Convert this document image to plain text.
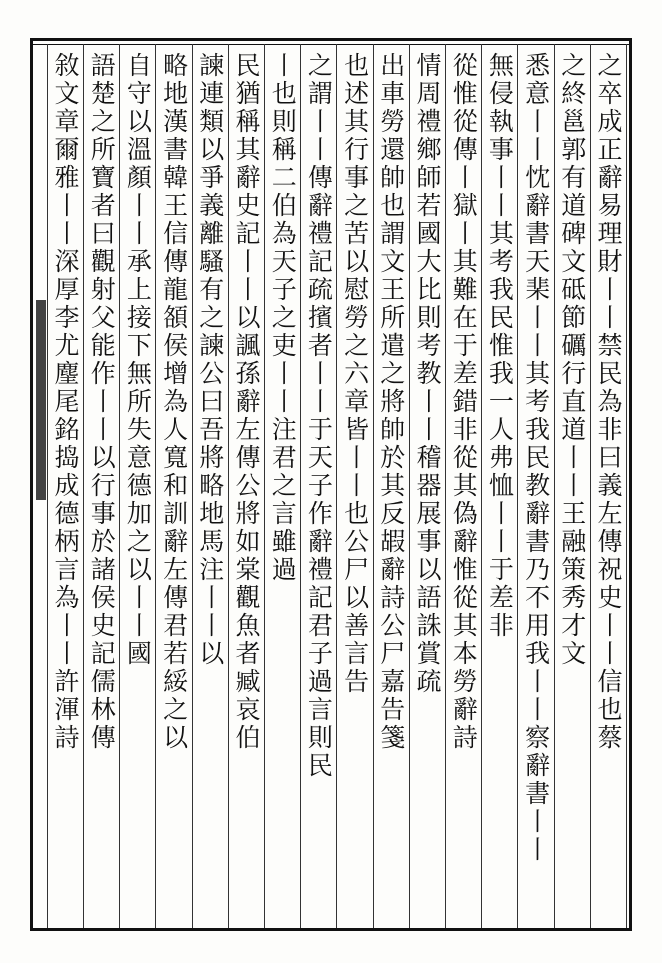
之卒成正辭易理財丨丨禁民為非曰義左傳祝史丨丨信也蔡
之終邕郭有道碑文砥節礪行直道丨丨王融策秀才文
悉意丨丨忱辭書天棐丨丨其考我民教辭書乃不用我丨丨察辭書丨丨
無侵執事丨丨其考我民惟我一人弗恤丨丨于差非
從惟從傳丨獄丨其難在于差錯非從其偽辭惟從其本勞辭詩
情周禮鄉師若國大比則考教丨丨稽器展事以語誅賞疏
出車勞還帥也謂文王所遣之將帥於其反嘏辭詩公尸嘉告箋
也述其行事之苦以慰勞之六章皆丨丨也公尸以善言告
之謂丨丨傳辭禮記疏擯者丨丨于天子作辭禮記君子過言則民
丨也則稱二伯為天子之吏丨丨注君之言雖過
民猶稱其辭史記丨丨以諷孫辭左傳公將如棠觀魚者臧哀伯
諫連類以爭義離騷有之諫公曰吾將略地馬注丨丨以
略地漢書韓王信傳龍頟侯增為人寬和訓辭左傳君若綏之以
自守以溫顏丨丨承上接下無所失意德加之以丨丨國
語楚之所寶者曰觀射父能作丨丨以行事於諸侯史記儒林傳
敘文章爾雅丨丨深厚李尤麈尾銘捣成德柄言為丨丨許渾詩
